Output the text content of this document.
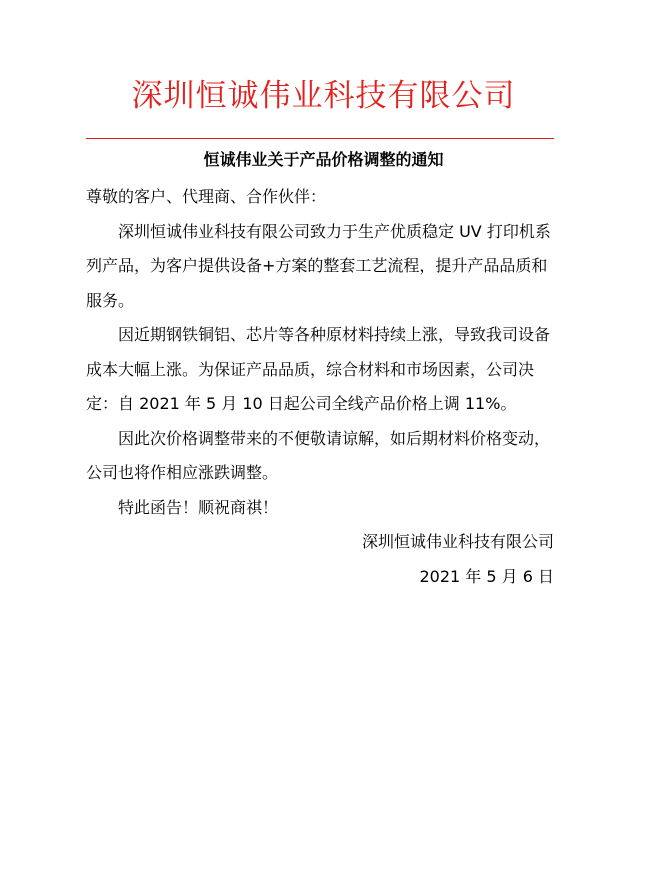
深圳恒诚伟业科技有限公司
恒诚伟业关于产品价格调整的通知

尊敬的客户、代理商、合作伙伴：

深圳恒诚伟业科技有限公司致力于生产优质稳定 UV 打印机系列产品，为客户提供设备+方案的整套工艺流程，提升产品品质和服务。

因近期钢铁铜铝、芯片等各种原材料持续上涨，导致我司设备成本大幅上涨。为保证产品品质，综合材料和市场因素，公司决定：自 2021 年 5 月 10 日起公司全线产品价格上调 11%。

因此次价格调整带来的不便敬请谅解，如后期材料价格变动，公司也将作相应涨跌调整。

特此函告！顺祝商祺！

深圳恒诚伟业科技有限公司

2021 年 5 月 6 日
